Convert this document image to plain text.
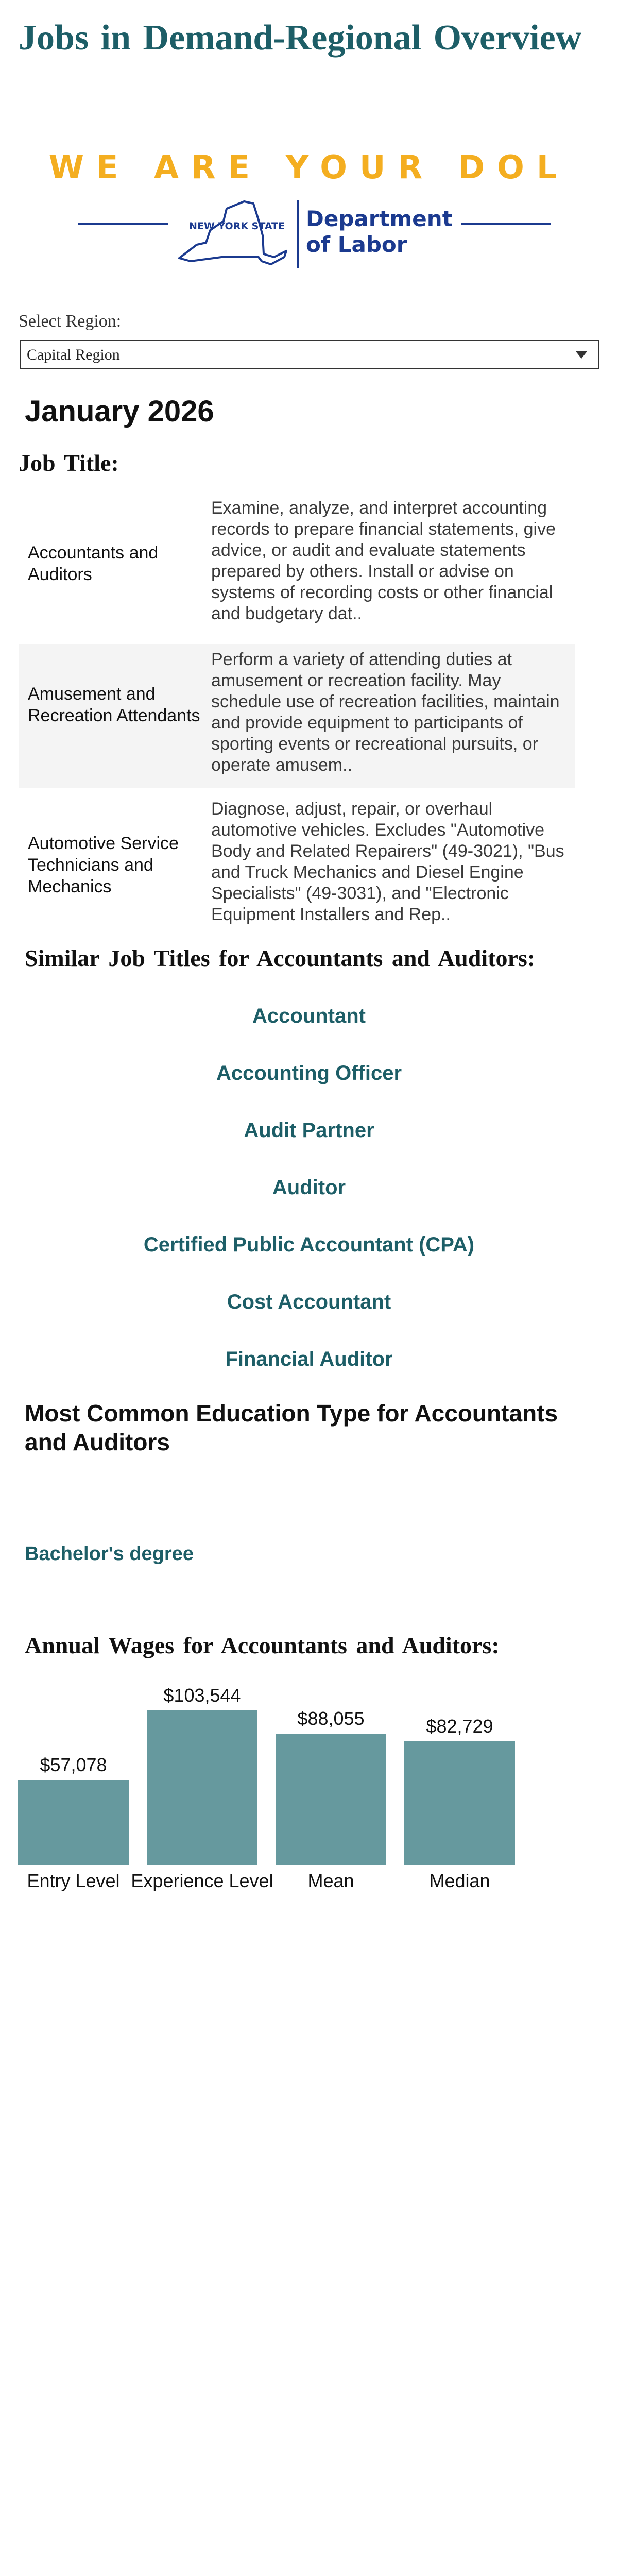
Jobs in Demand-Regional Overview
WE ARE YOUR DOL
NEW YORK STATE Department
of Labor
Select Region:
Capital Region
January 2026
Job Title:
Accountants and Auditors
Examine, analyze, and interpret accounting records to prepare financial statements, give advice, or audit and evaluate statements prepared by others. Install or advise on systems of recording costs or other financial and budgetary dat..
Amusement and Recreation Attendants
Perform a variety of attending duties at amusement or recreation facility. May schedule use of recreation facilities, maintain and provide equipment to participants of sporting events or recreational pursuits, or operate amusem..
Automotive Service Technicians and Mechanics
Diagnose, adjust, repair, or overhaul automotive vehicles. Excludes "Automotive Body and Related Repairers" (49-3021), "Bus and Truck Mechanics and Diesel Engine Specialists" (49-3031), and "Electronic Equipment Installers and Rep..
Similar Job Titles for Accountants and Auditors:
Accountant
Accounting Officer
Audit Partner
Auditor
Certified Public Accountant (CPA)
Cost Accountant
Financial Auditor
Most Common Education Type for Accountants and Auditors
Bachelor's degree
Annual Wages for Accountants and Auditors:
$57,078
Entry Level
$103,544
Experience Level
$88,055
Mean
$82,729
Median
